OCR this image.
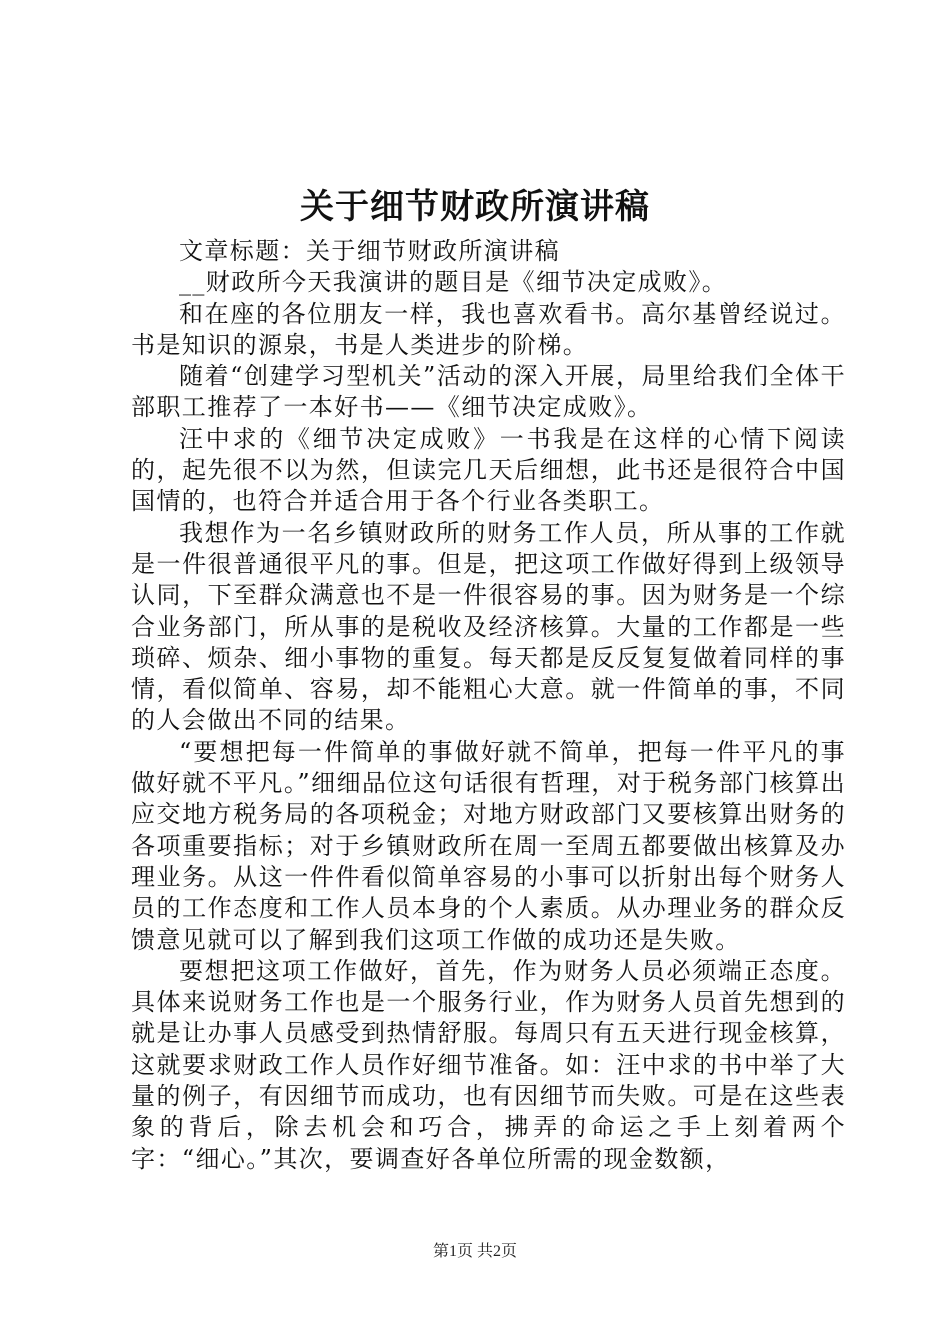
关于细节财政所演讲稿

文章标题：关于细节财政所演讲稿

__财政所今天我演讲的题目是《细节决定成败》。

和在座的各位朋友一样，我也喜欢看书。高尔基曾经说过。书是知识的源泉，书是人类进步的阶梯。

随着“创建学习型机关”活动的深入开展，局里给我们全体干部职工推荐了一本好书——《细节决定成败》。

汪中求的《细节决定成败》一书我是在这样的心情下阅读的，起先很不以为然，但读完几天后细想，此书还是很符合中国国情的，也符合并适合用于各个行业各类职工。

我想作为一名乡镇财政所的财务工作人员，所从事的工作就是一件很普通很平凡的事。但是，把这项工作做好得到上级领导认同，下至群众满意也不是一件很容易的事。因为财务是一个综合业务部门，所从事的是税收及经济核算。大量的工作都是一些琐碎、烦杂、细小事物的重复。每天都是反反复复做着同样的事情，看似简单、容易，却不能粗心大意。就一件简单的事，不同的人会做出不同的结果。

“要想把每一件简单的事做好就不简单，把每一件平凡的事做好就不平凡。”细细品位这句话很有哲理，对于税务部门核算出应交地方税务局的各项税金；对地方财政部门又要核算出财务的各项重要指标；对于乡镇财政所在周一至周五都要做出核算及办理业务。从这一件件看似简单容易的小事可以折射出每个财务人员的工作态度和工作人员本身的个人素质。从办理业务的群众反馈意见就可以了解到我们这项工作做的成功还是失败。

要想把这项工作做好，首先，作为财务人员必须端正态度。具体来说财务工作也是一个服务行业，作为财务人员首先想到的就是让办事人员感受到热情舒服。每周只有五天进行现金核算，这就要求财政工作人员作好细节准备。如：汪中求的书中举了大量的例子，有因细节而成功，也有因细节而失败。可是在这些表象的背后，除去机会和巧合，拂弄的命运之手上刻着两个字：“细心。”其次，要调查好各单位所需的现金数额，

第1页 共2页
